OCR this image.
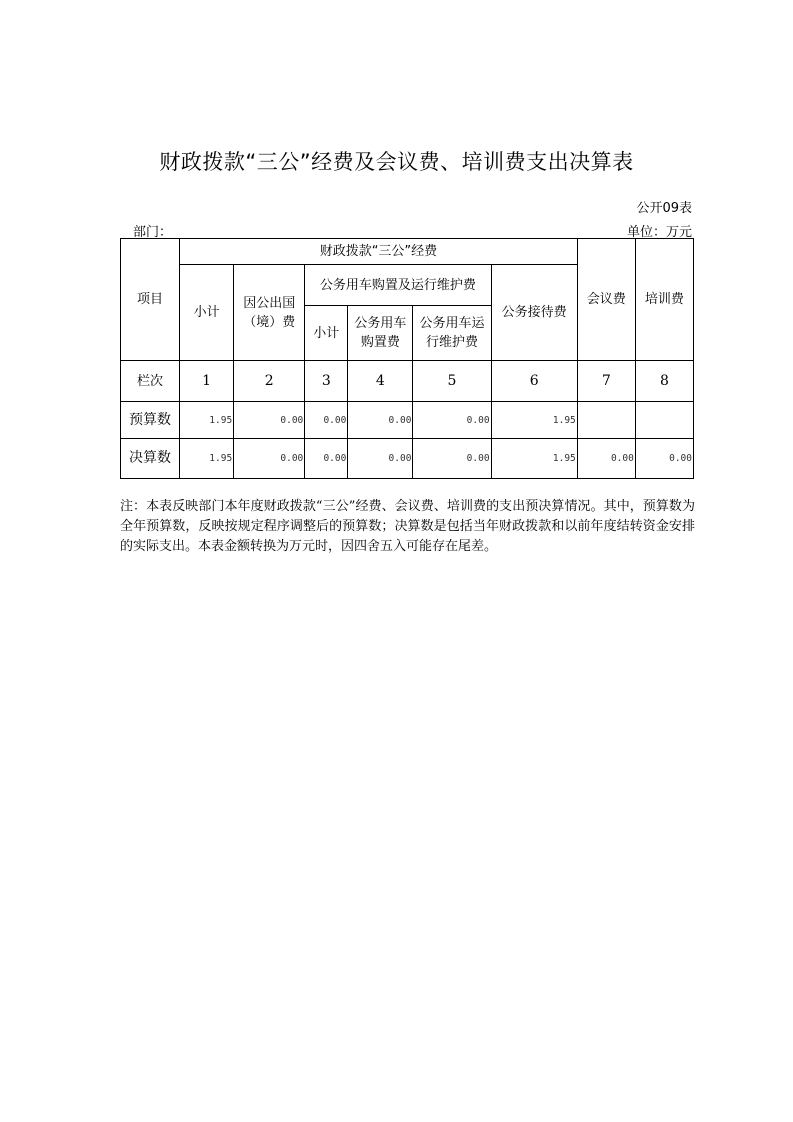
财政拨款“三公”经费及会议费、培训费支出决算表
公开09表
部门：	单位：万元
项目	财政拨款“三公”经费						会议费	培训费
	小计	因公出国（境）费	公务用车购置及运行维护费			公务接待费		
			小计	公务用车购置费	公务用车运行维护费			
栏次	1	2	3	4	5	6	7	8
预算数	1.95	0.00	0.00	0.00	0.00	1.95		
决算数	1.95	0.00	0.00	0.00	0.00	1.95	0.00	0.00
注：本表反映部门本年度财政拨款“三公”经费、会议费、培训费的支出预决算情况。其中，预算数为全年预算数，反映按规定程序调整后的预算数；决算数是包括当年财政拨款和以前年度结转资金安排的实际支出。本表金额转换为万元时，因四舍五入可能存在尾差。
